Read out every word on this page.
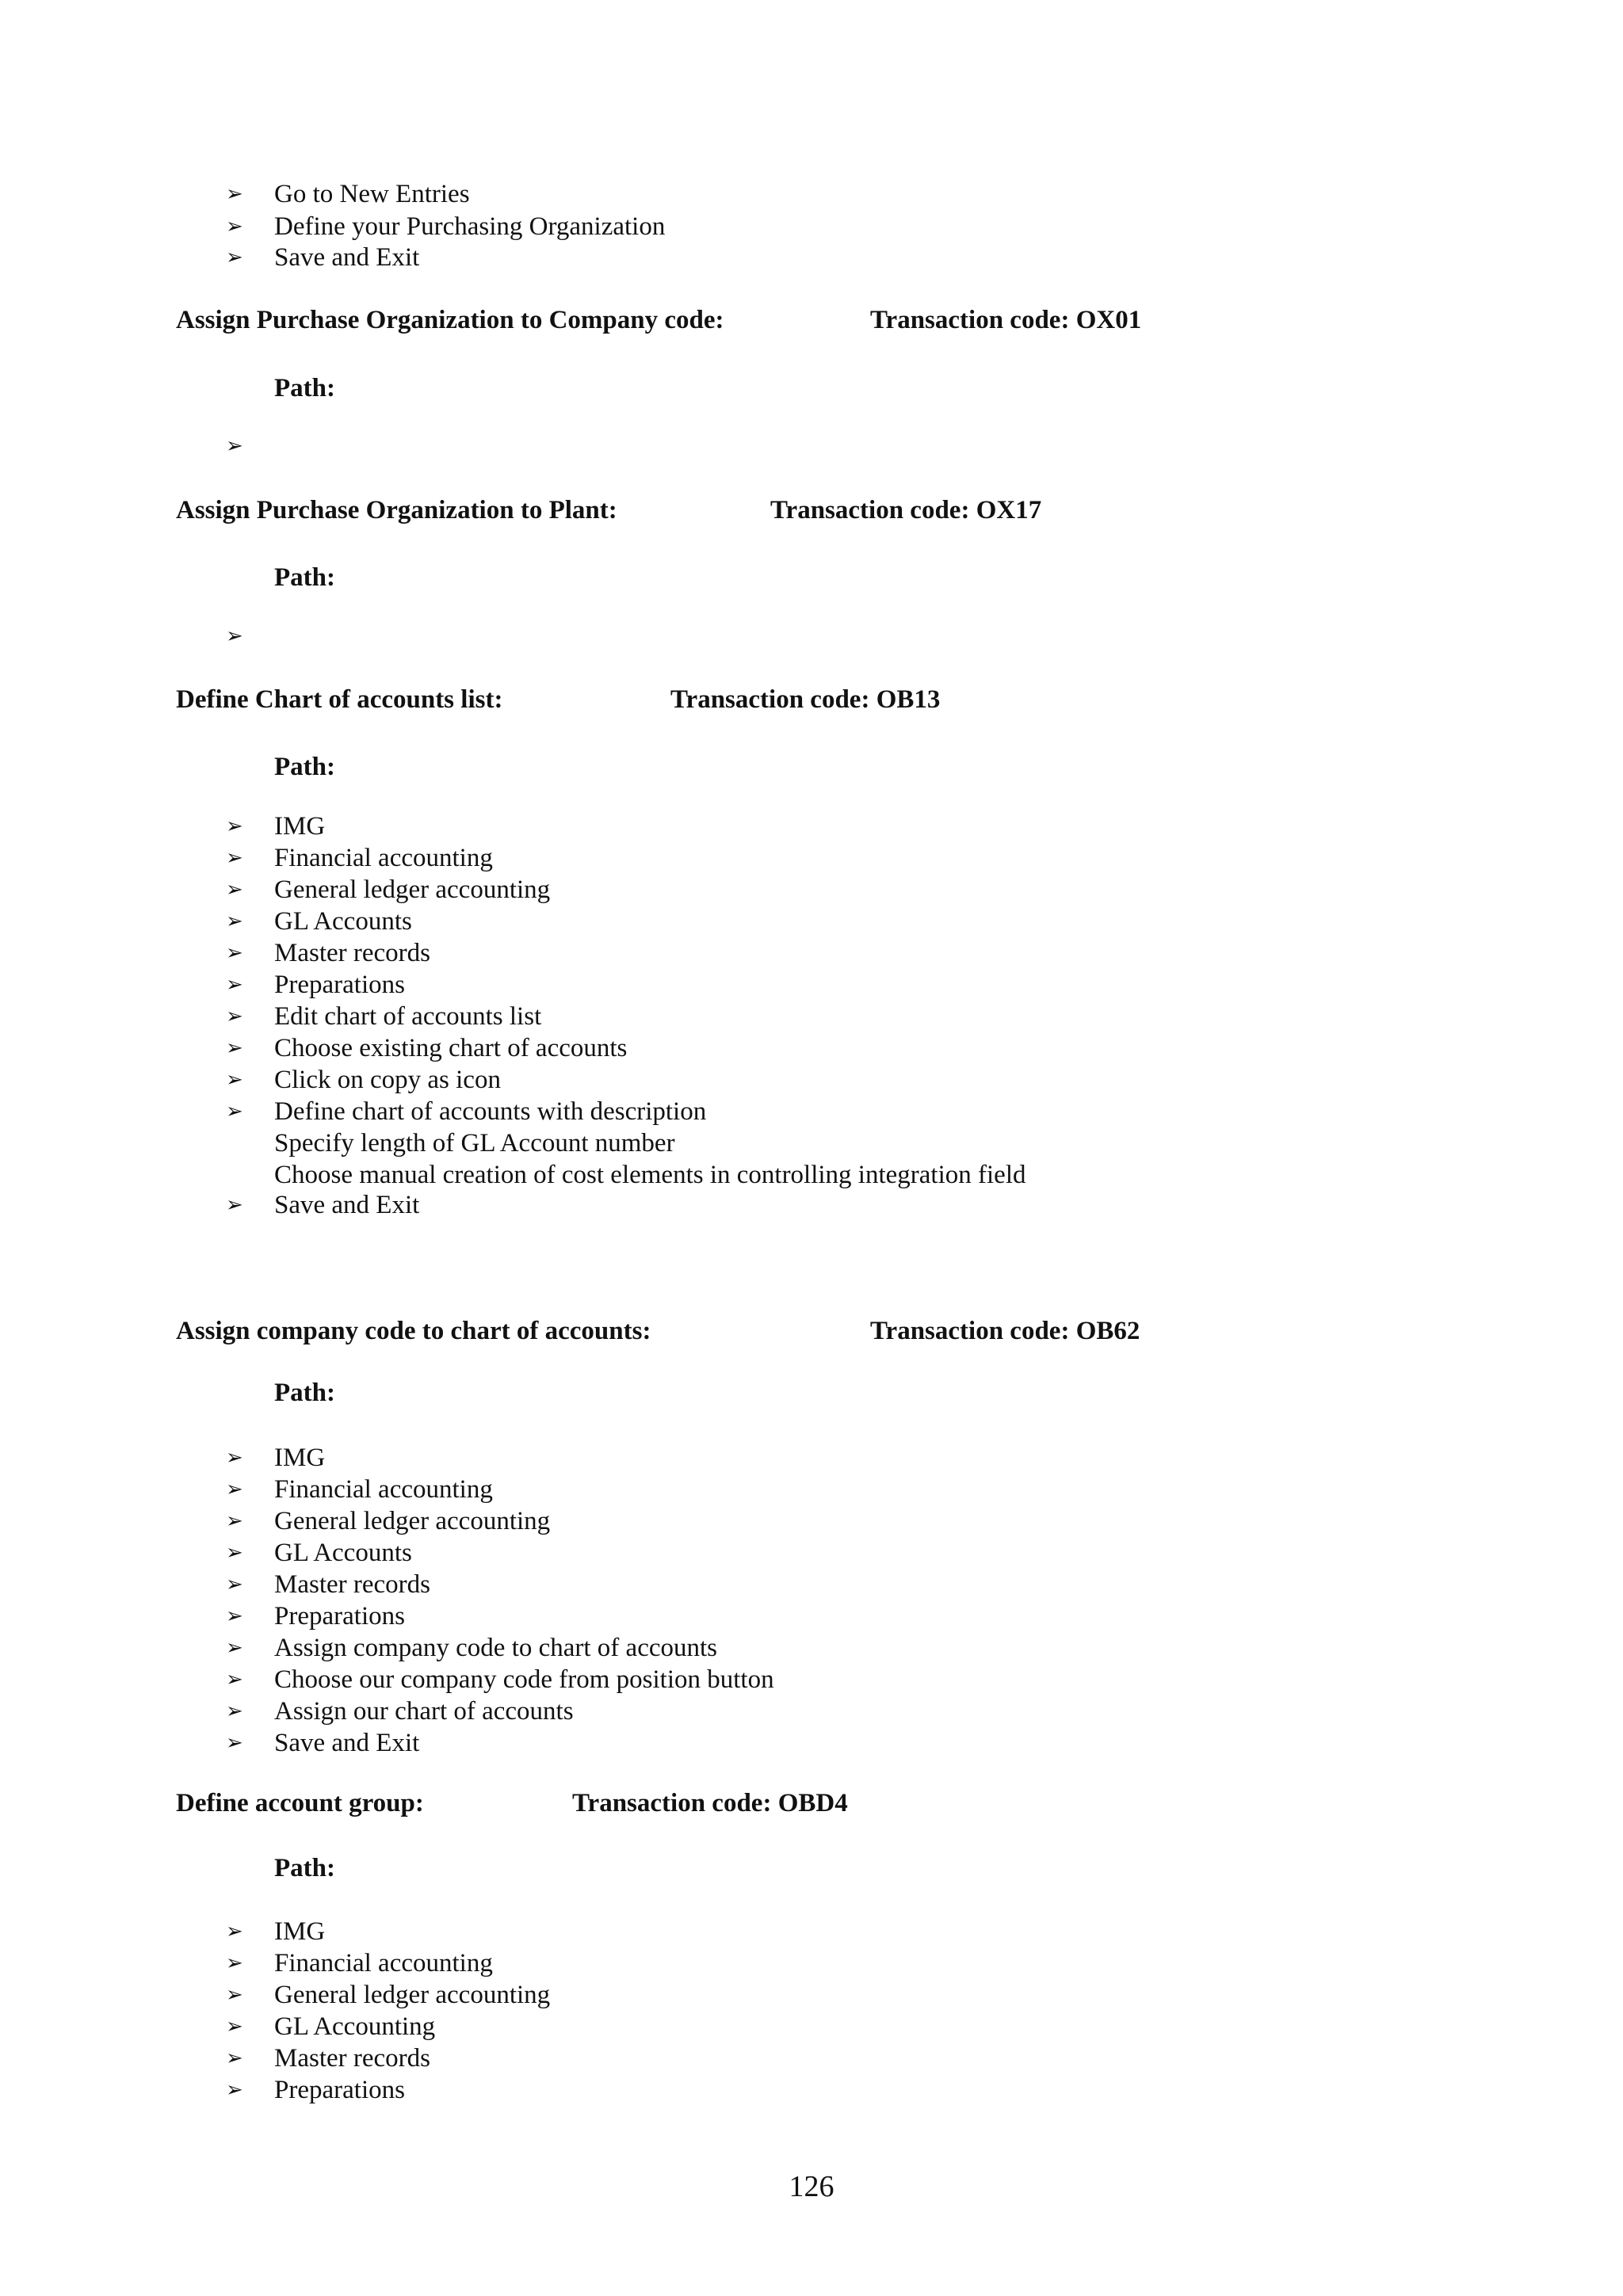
➢ Go to New Entries
➢ Define your Purchasing Organization
➢ Save and Exit
Assign Purchase Organization to Company code:	Transaction code: OX01
Path:
➢
Assign Purchase Organization to Plant:	Transaction code: OX17
Path:
➢
Define Chart of accounts list:	Transaction code: OB13
Path:
➢ IMG
➢ Financial accounting
➢ General ledger accounting
➢ GL Accounts
➢ Master records
➢ Preparations
➢ Edit chart of accounts list
➢ Choose existing chart of accounts
➢ Click on copy as icon
➢ Define chart of accounts with description
Specify length of GL Account number
Choose manual creation of cost elements in controlling integration field
➢ Save and Exit
Assign company code to chart of accounts:	Transaction code: OB62
Path:
➢ IMG
➢ Financial accounting
➢ General ledger accounting
➢ GL Accounts
➢ Master records
➢ Preparations
➢ Assign company code to chart of accounts
➢ Choose our company code from position button
➢ Assign our chart of accounts
➢ Save and Exit
Define account group:	Transaction code: OBD4
Path:
➢ IMG
➢ Financial accounting
➢ General ledger accounting
➢ GL Accounting
➢ Master records
➢ Preparations
126
